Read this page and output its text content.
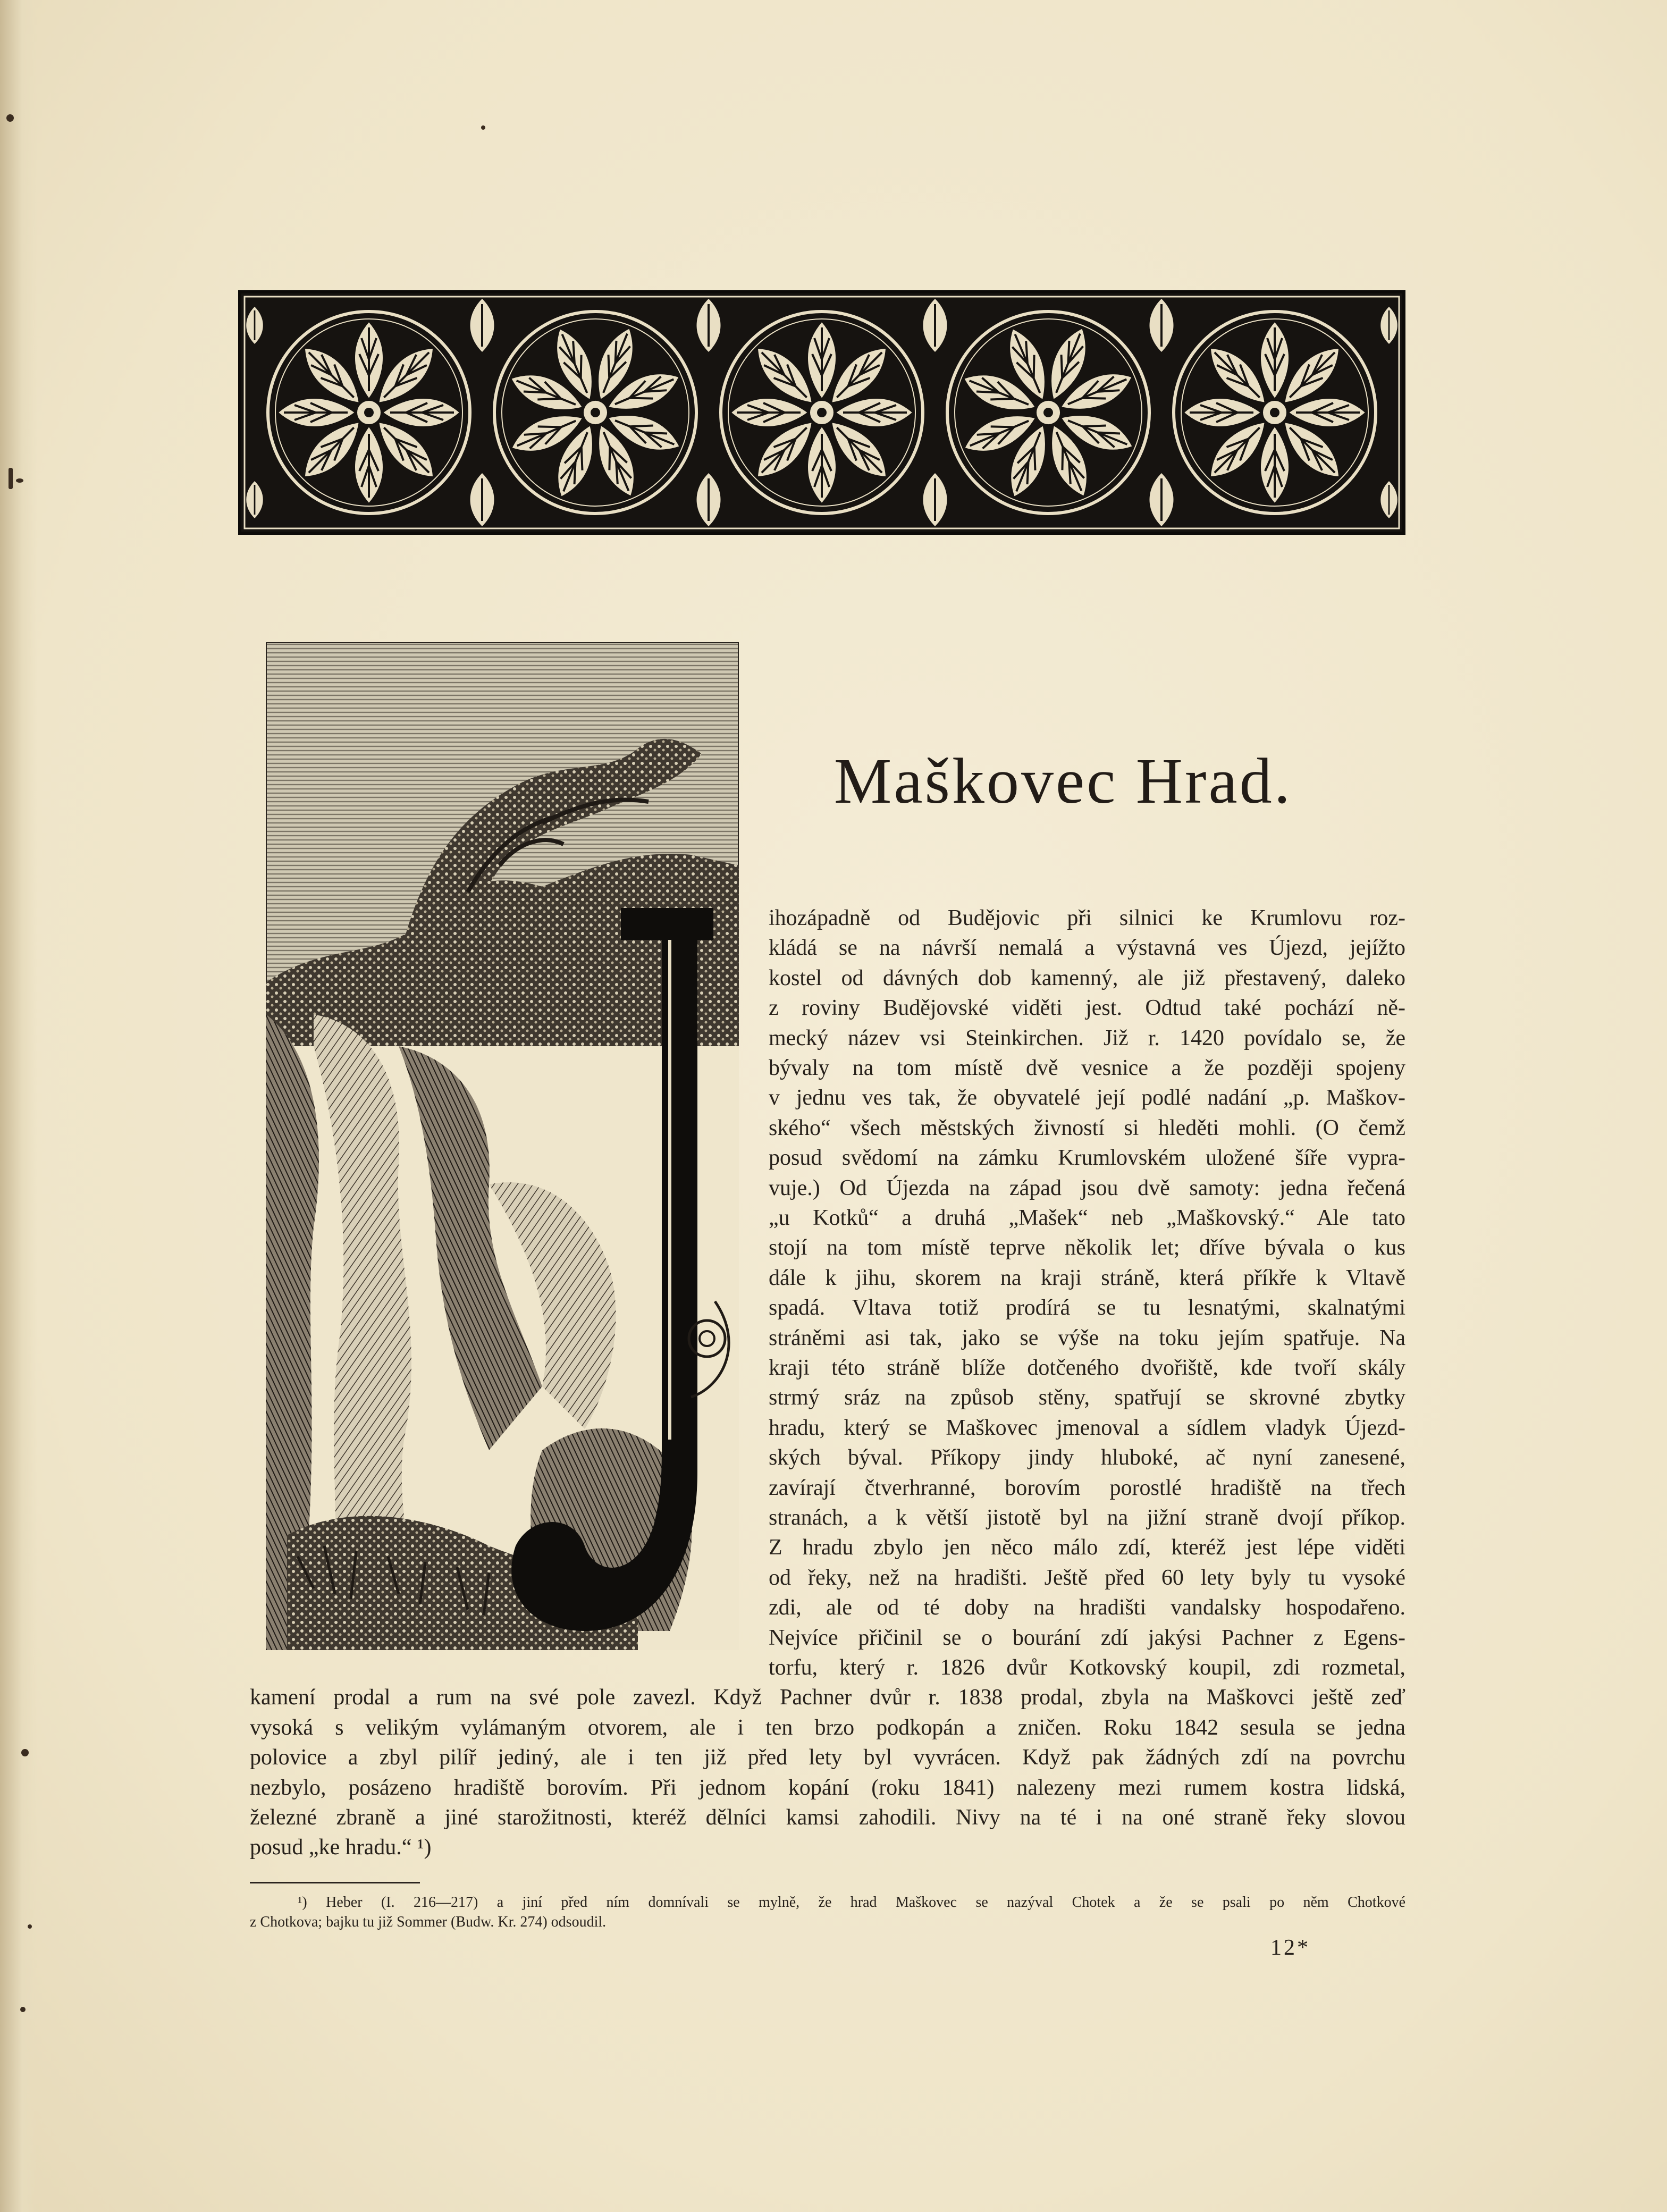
Maškovec Hrad.
ihozápadně od Budějovic při silnici ke Krumlovu roz-
kládá se na návrší nemalá a výstavná ves Újezd, jejížto
kostel od dávných dob kamenný, ale již přestavený, daleko
z roviny Budějovské viděti jest. Odtud také pochází ně-
mecký název vsi Steinkirchen. Již r. 1420 povídalo se, že
bývaly na tom místě dvě vesnice a že později spojeny
v jednu ves tak, že obyvatelé její podlé nadání „p. Maškov-
ského“ všech městských živností si hleděti mohli. (O čemž
posud svědomí na zámku Krumlovském uložené šíře vypra-
vuje.) Od Újezda na západ jsou dvě samoty: jedna řečená
„u Kotků“ a druhá „Mašek“ neb „Maškovský.“ Ale tato
stojí na tom místě teprve několik let; dříve bývala o kus
dále k jihu, skorem na kraji stráně, která příkře k Vltavě
spadá. Vltava totiž prodírá se tu lesnatými, skalnatými
stráněmi asi tak, jako se výše na toku jejím spatřuje. Na
kraji této stráně blíže dotčeného dvořiště, kde tvoří skály
strmý sráz na způsob stěny, spatřují se skrovné zbytky
hradu, který se Maškovec jmenoval a sídlem vladyk Újezd-
ských býval. Příkopy jindy hluboké, ač nyní zanesené,
zavírají čtverhranné, borovím porostlé hradiště na třech
stranách, a k větší jistotě byl na jižní straně dvojí příkop.
Z hradu zbylo jen něco málo zdí, kteréž jest lépe viděti
od řeky, než na hradišti. Ještě před 60 lety byly tu vysoké
zdi, ale od té doby na hradišti vandalsky hospodařeno.
Nejvíce přičinil se o bourání zdí jakýsi Pachner z Egens-
torfu, který r. 1826 dvůr Kotkovský koupil, zdi rozmetal,
kamení prodal a rum na své pole zavezl. Když Pachner dvůr r. 1838 prodal, zbyla na Maškovci ještě zeď
vysoká s velikým vylámaným otvorem, ale i ten brzo podkopán a zničen. Roku 1842 sesula se jedna
polovice a zbyl pilíř jediný, ale i ten již před lety byl vyvrácen. Když pak žádných zdí na povrchu
nezbylo, posázeno hradiště borovím. Při jednom kopání (roku 1841) nalezeny mezi rumem kostra lidská,
železné zbraně a jiné starožitnosti, kteréž dělníci kamsi zahodili. Nivy na té i na oné straně řeky slovou
posud „ke hradu.“ ¹)
¹) Heber (I. 216—217) a jiní před ním domnívali se mylně, že hrad Maškovec se nazýval Chotek a že se psali po něm Chotkové
z Chotkova; bajku tu již Sommer (Budw. Kr. 274) odsoudil.
12*
